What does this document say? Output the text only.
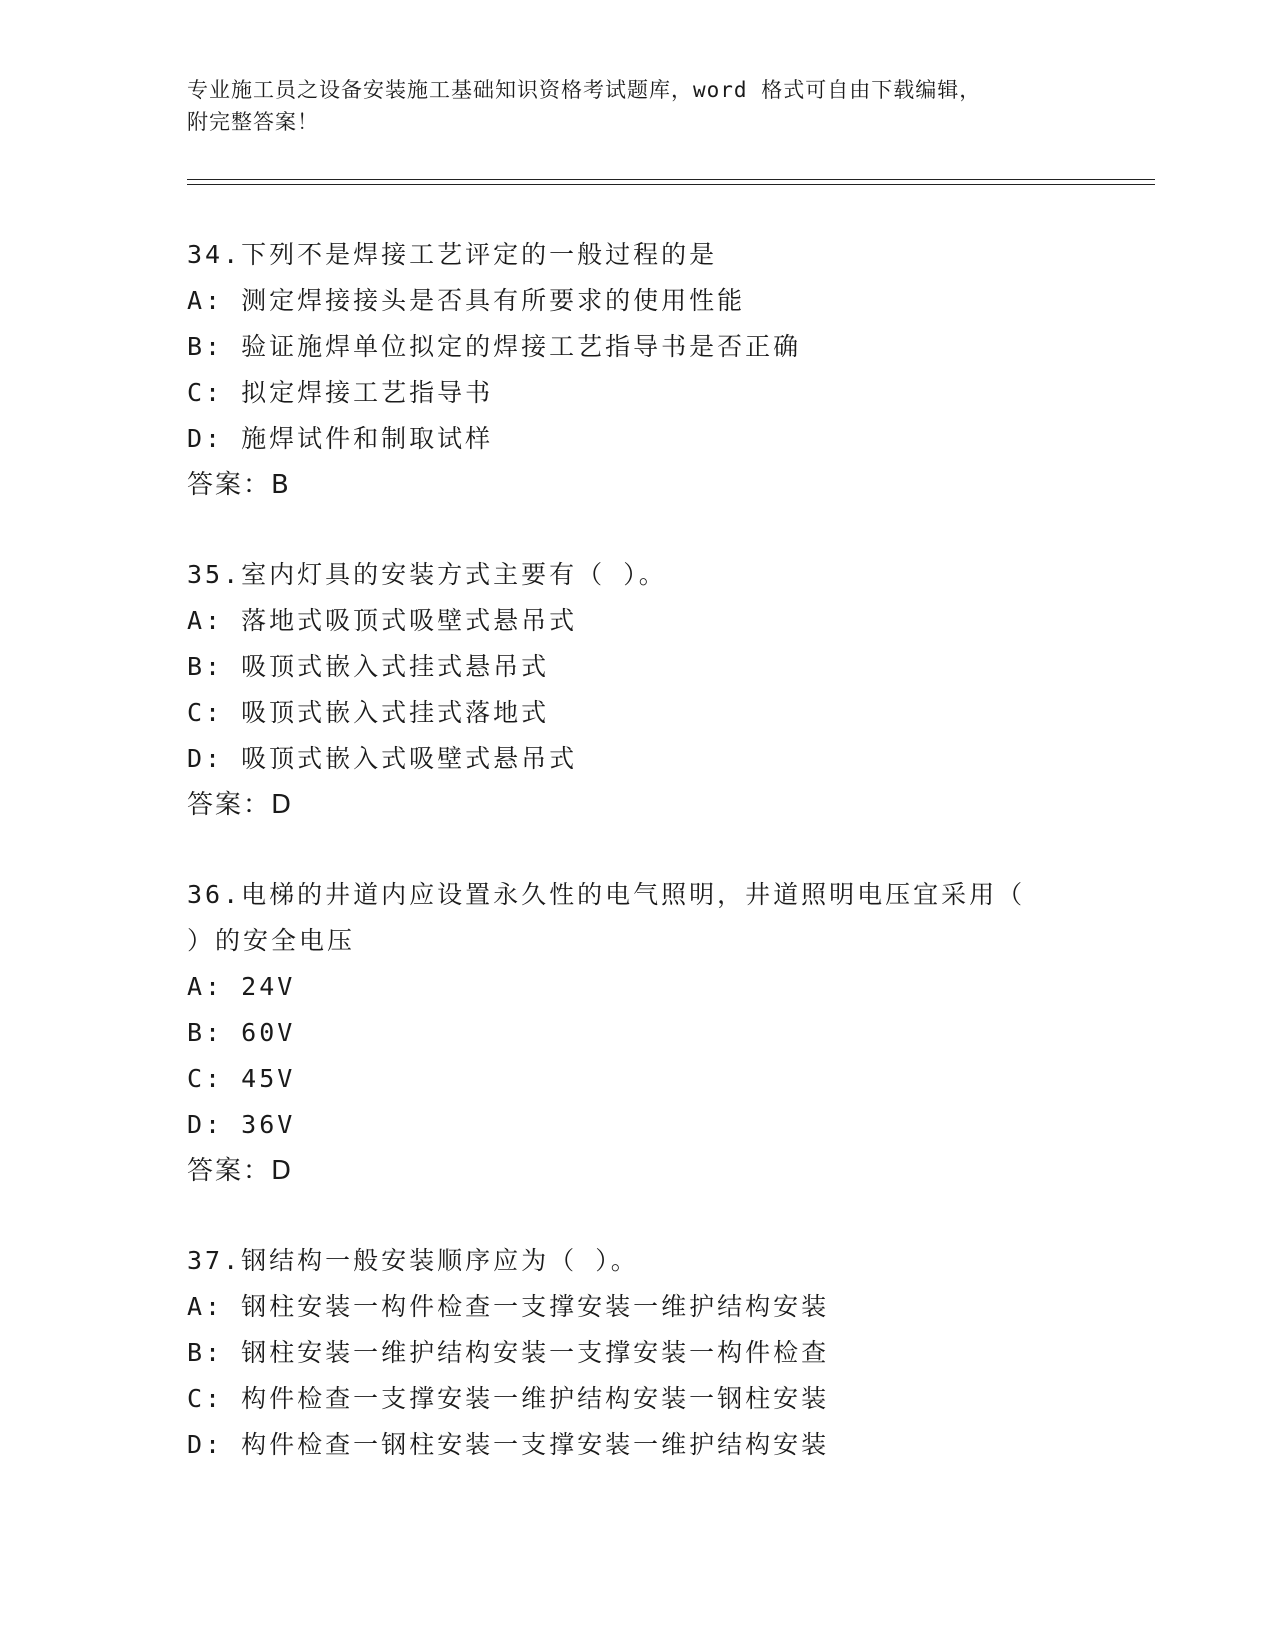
专业施工员之设备安装施工基础知识资格考试题库，word 格式可自由下载编辑，
附完整答案！

34.下列不是焊接工艺评定的一般过程的是

A: 测定焊接接头是否具有所要求的使用性能

B: 验证施焊单位拟定的焊接工艺指导书是否正确

C: 拟定焊接工艺指导书

D: 施焊试件和制取试样

答案：B

35.室内灯具的安装方式主要有（ ）。

A: 落地式吸顶式吸壁式悬吊式

B: 吸顶式嵌入式挂式悬吊式

C: 吸顶式嵌入式挂式落地式

D: 吸顶式嵌入式吸壁式悬吊式

答案：D

36.电梯的井道内应设置永久性的电气照明，井道照明电压宜采用（
）的安全电压

A: 24V

B: 60V

C: 45V

D: 36V

答案：D

37.钢结构一般安装顺序应为（ ）。

A: 钢柱安装一构件检查一支撑安装一维护结构安装

B: 钢柱安装一维护结构安装一支撑安装一构件检查

C: 构件检查一支撑安装一维护结构安装一钢柱安装

D: 构件检查一钢柱安装一支撑安装一维护结构安装
